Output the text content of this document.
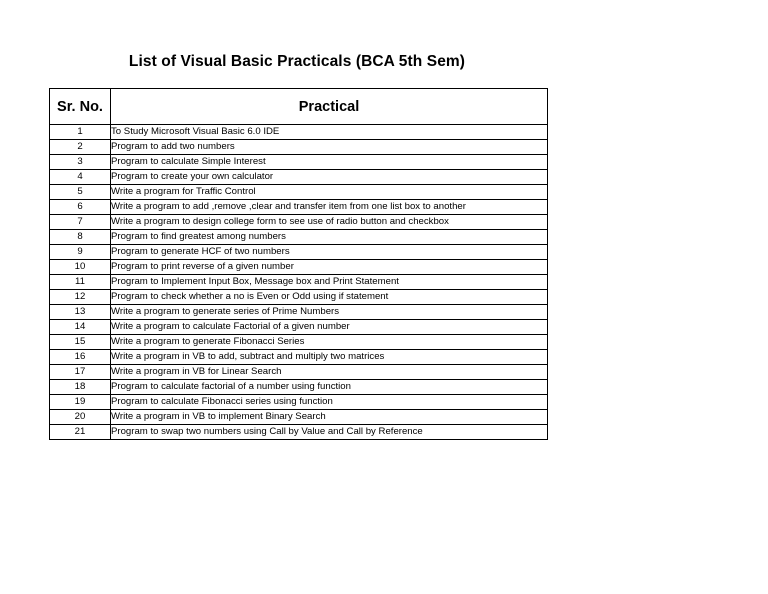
List of Visual Basic Practicals (BCA 5th Sem)
Sr. No.	Practical
1	To Study Microsoft Visual Basic 6.0 IDE
2	Program to add two numbers
3	Program to calculate Simple Interest
4	Program to create your own calculator
5	Write a program for Traffic Control
6	Write a program to add ,remove ,clear and transfer item from one list box to another
7	Write a program to design college form to see use of radio button and checkbox
8	Program to find greatest among numbers
9	Program to generate HCF of two numbers
10	Program to print reverse of a given number
11	Program to Implement Input Box, Message box and Print Statement
12	Program to check whether a no is Even or Odd using if statement
13	Write a program to generate series of Prime Numbers
14	Write a program to calculate Factorial of a given number
15	Write a program to generate Fibonacci Series
16	Write a program in VB to add, subtract and multiply two matrices
17	Write a program in VB for Linear Search
18	Program to calculate factorial of a number using function
19	Program to calculate Fibonacci series using function
20	Write a program in VB to implement Binary Search
21	Program to swap two numbers using Call by Value and Call by Reference
